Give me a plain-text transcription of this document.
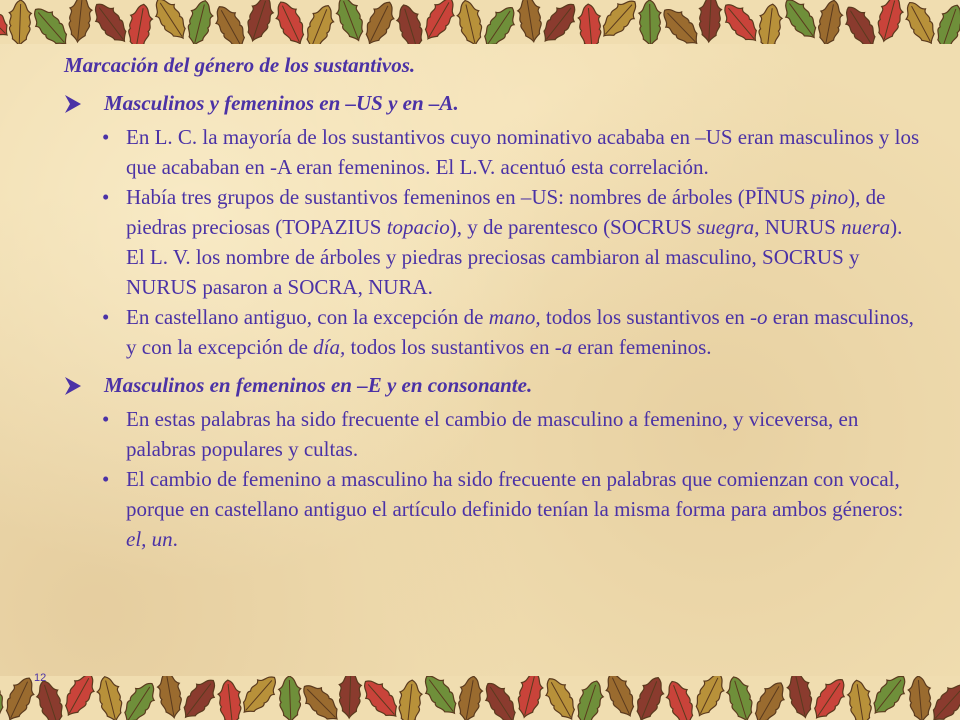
Marcación del género de los sustantivos.
Masculinos y femeninos en –US y en –A.
• En L. C. la mayoría de los sustantivos cuyo nominativo acababa en –US eran masculinos y los que acababan en -A eran femeninos. El L.V. acentuó esta correlación.
• Había tres grupos de sustantivos femeninos en –US: nombres de árboles (PĪNUS pino), de piedras preciosas (TOPAZIUS topacio), y de parentesco (SOCRUS suegra, NURUS nuera). El L. V. los nombre de árboles y piedras preciosas cambiaron al masculino, SOCRUS y NURUS pasaron a SOCRA, NURA.
• En castellano antiguo, con la excepción de mano, todos los sustantivos en -o eran masculinos, y con la excepción de día, todos los sustantivos en -a eran femeninos.
Masculinos en femeninos en –E y en consonante.
• En estas palabras ha sido frecuente el cambio de masculino a femenino, y viceversa, en palabras populares y cultas.
• El cambio de femenino a masculino ha sido frecuente en palabras que comienzan con vocal, porque en castellano antiguo el artículo definido tenían la misma forma para ambos géneros: el, un.
12
